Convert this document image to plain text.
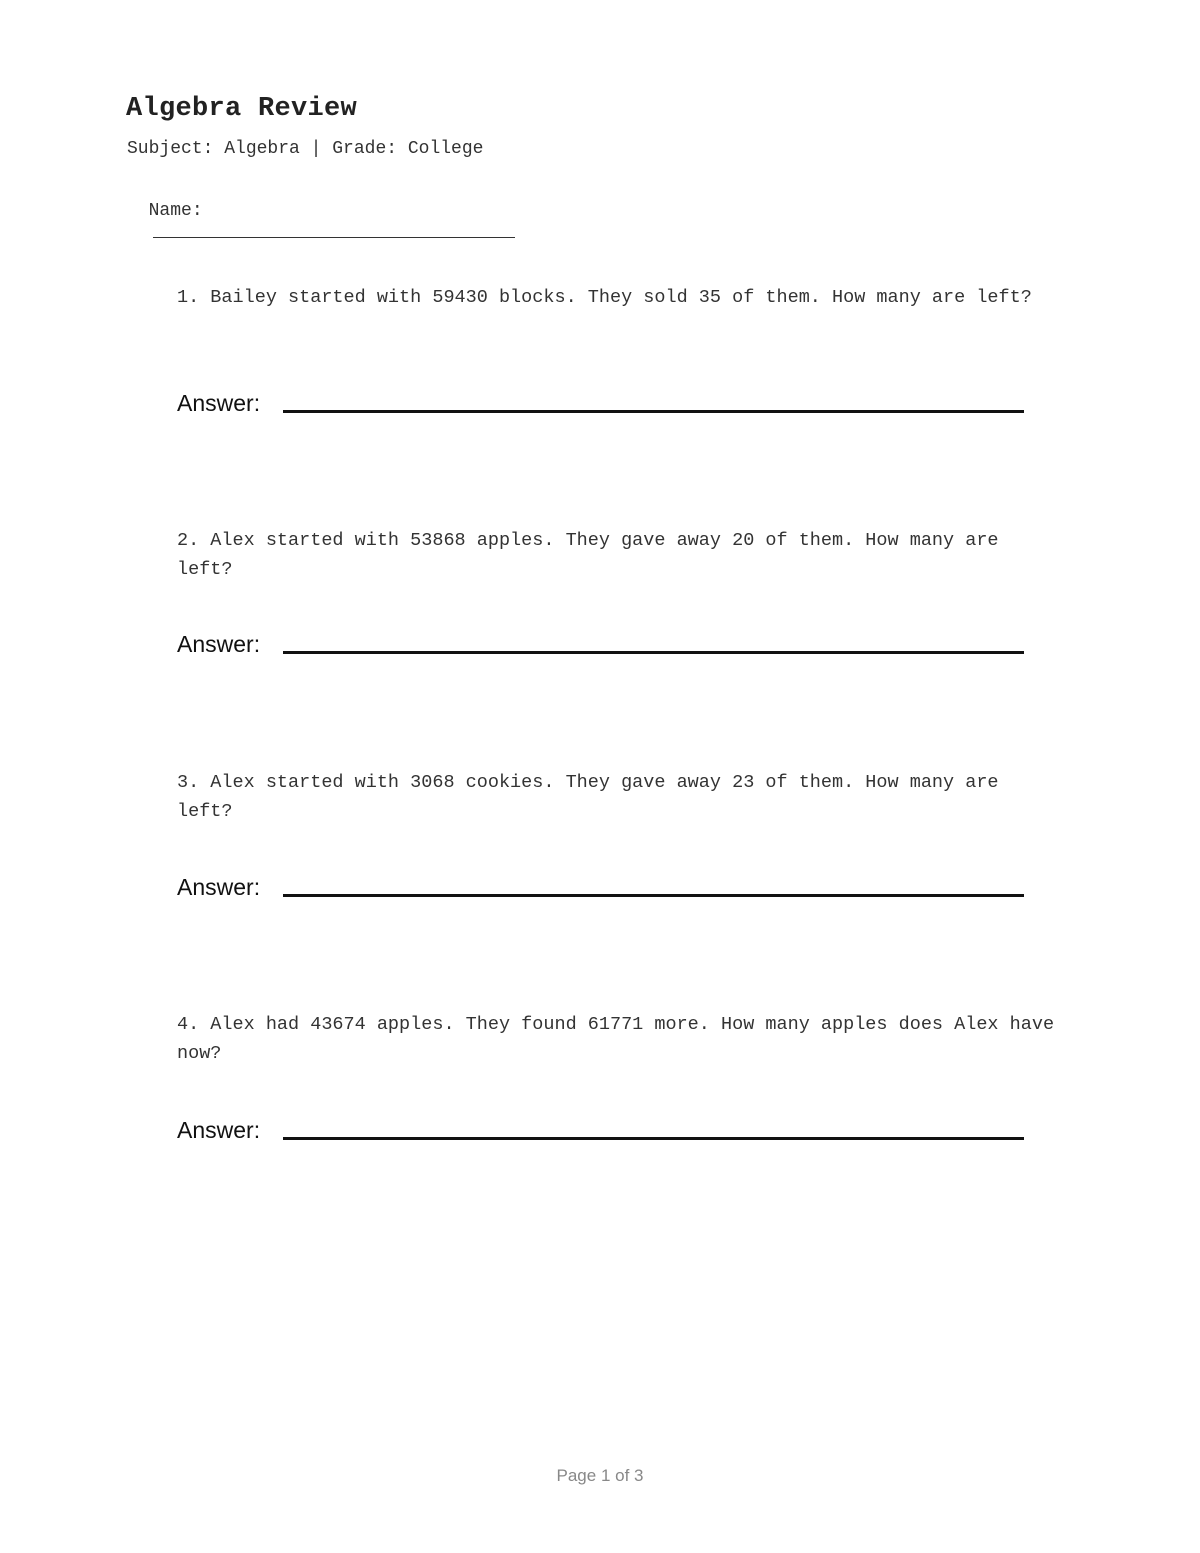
Algebra Review
Subject: Algebra | Grade: College

Name:

1. Bailey started with 59430 blocks. They sold 35 of them. How many are left?

Answer:

2. Alex started with 53868 apples. They gave away 20 of them. How many are left?

Answer:

3. Alex started with 3068 cookies. They gave away 23 of them. How many are left?

Answer:

4. Alex had 43674 apples. They found 61771 more. How many apples does Alex have now?

Answer:
Page 1 of 3
